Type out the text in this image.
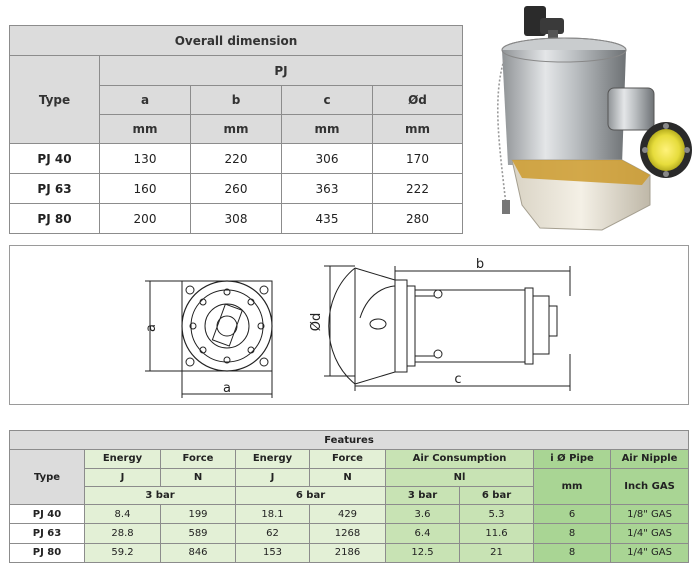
Overall dimension				
Type	PJ			
	a	b	c	Ød
	mm	mm	mm	mm
PJ 40	130	220	306	170
PJ 63	160	260	363	222
PJ 80	200	308	435	280
a
a
Ød
b
c
Features								
Type	Energy	Force	Energy	Force	Air Consumption		i Ø Pipe	Air Nipple
	J	N	J	N	Nl		mm	Inch GAS
	3 bar		6 bar		3 bar	6 bar		
PJ 40	8.4	199	18.1	429	3.6	5.3	6	1/8" GAS
PJ 63	28.8	589	62	1268	6.4	11.6	8	1/4" GAS
PJ 80	59.2	846	153	2186	12.5	21	8	1/4" GAS
